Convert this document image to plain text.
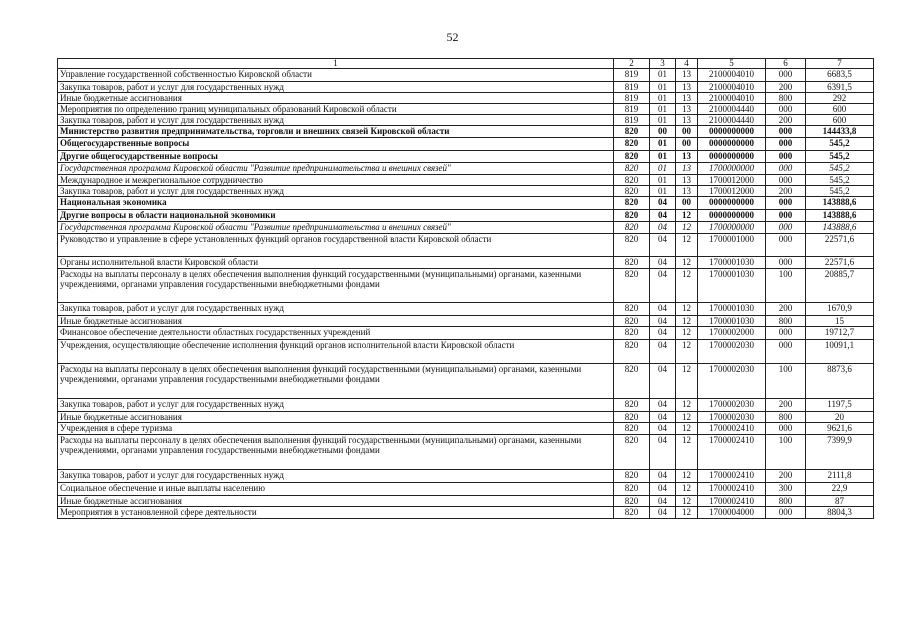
52
1	2	3	4	5	6	7
Управление государственной собственностью Кировской области	819	01	13	2100004010	000	6683,5
Закупка товаров, работ и услуг для государственных нужд	819	01	13	2100004010	200	6391,5
Иные бюджетные ассигнования	819	01	13	2100004010	800	292
Мероприятия по определению границ муниципальных образований Кировской области	819	01	13	2100004440	000	600
Закупка товаров, работ и услуг для государственных нужд	819	01	13	2100004440	200	600
Министерство развития предпринимательства, торговли и внешних связей Кировской области	820	00	00	0000000000	000	144433,8
Общегосударственные вопросы	820	01	00	0000000000	000	545,2
Другие общегосударственные вопросы	820	01	13	0000000000	000	545,2
Государственная программа Кировской области "Развитие предпринимательства и внешних связей"	820	01	13	1700000000	000	545,2
Международное и межрегиональное сотрудничество	820	01	13	1700012000	000	545,2
Закупка товаров, работ и услуг для государственных нужд	820	01	13	1700012000	200	545,2
Национальная экономика	820	04	00	0000000000	000	143888,6
Другие вопросы в области национальной экономики	820	04	12	0000000000	000	143888,6
Государственная программа Кировской области "Развитие предпринимательства и внешних связей"	820	04	12	1700000000	000	143888,6
Руководство и управление в сфере установленных функций органов государственной власти Кировской области	820	04	12	1700001000	000	22571,6
Органы исполнительной власти Кировской области	820	04	12	1700001030	000	22571,6
Расходы на выплаты персоналу в целях обеспечения выполнения функций государственными (муниципальными) органами, казенными учреждениями, органами управления государственными внебюджетными фондами	820	04	12	1700001030	100	20885,7
Закупка товаров, работ и услуг для государственных нужд	820	04	12	1700001030	200	1670,9
Иные бюджетные ассигнования	820	04	12	1700001030	800	15
Финансовое обеспечение деятельности областных государственных учреждений	820	04	12	1700002000	000	19712,7
Учреждения, осуществляющие обеспечение исполнения функций органов исполнительной власти Кировской области	820	04	12	1700002030	000	10091,1
Расходы на выплаты персоналу в целях обеспечения выполнения функций государственными (муниципальными) органами, казенными учреждениями, органами управления государственными внебюджетными фондами	820	04	12	1700002030	100	8873,6
Закупка товаров, работ и услуг для государственных нужд	820	04	12	1700002030	200	1197,5
Иные бюджетные ассигнования	820	04	12	1700002030	800	20
Учреждения в сфере туризма	820	04	12	1700002410	000	9621,6
Расходы на выплаты персоналу в целях обеспечения выполнения функций государственными (муниципальными) органами, казенными учреждениями, органами управления государственными внебюджетными фондами	820	04	12	1700002410	100	7399,9
Закупка товаров, работ и услуг для государственных нужд	820	04	12	1700002410	200	2111,8
Социальное обеспечение и иные выплаты населению	820	04	12	1700002410	300	22,9
Иные бюджетные ассигнования	820	04	12	1700002410	800	87
Мероприятия в установленной сфере деятельности	820	04	12	1700004000	000	8804,3
